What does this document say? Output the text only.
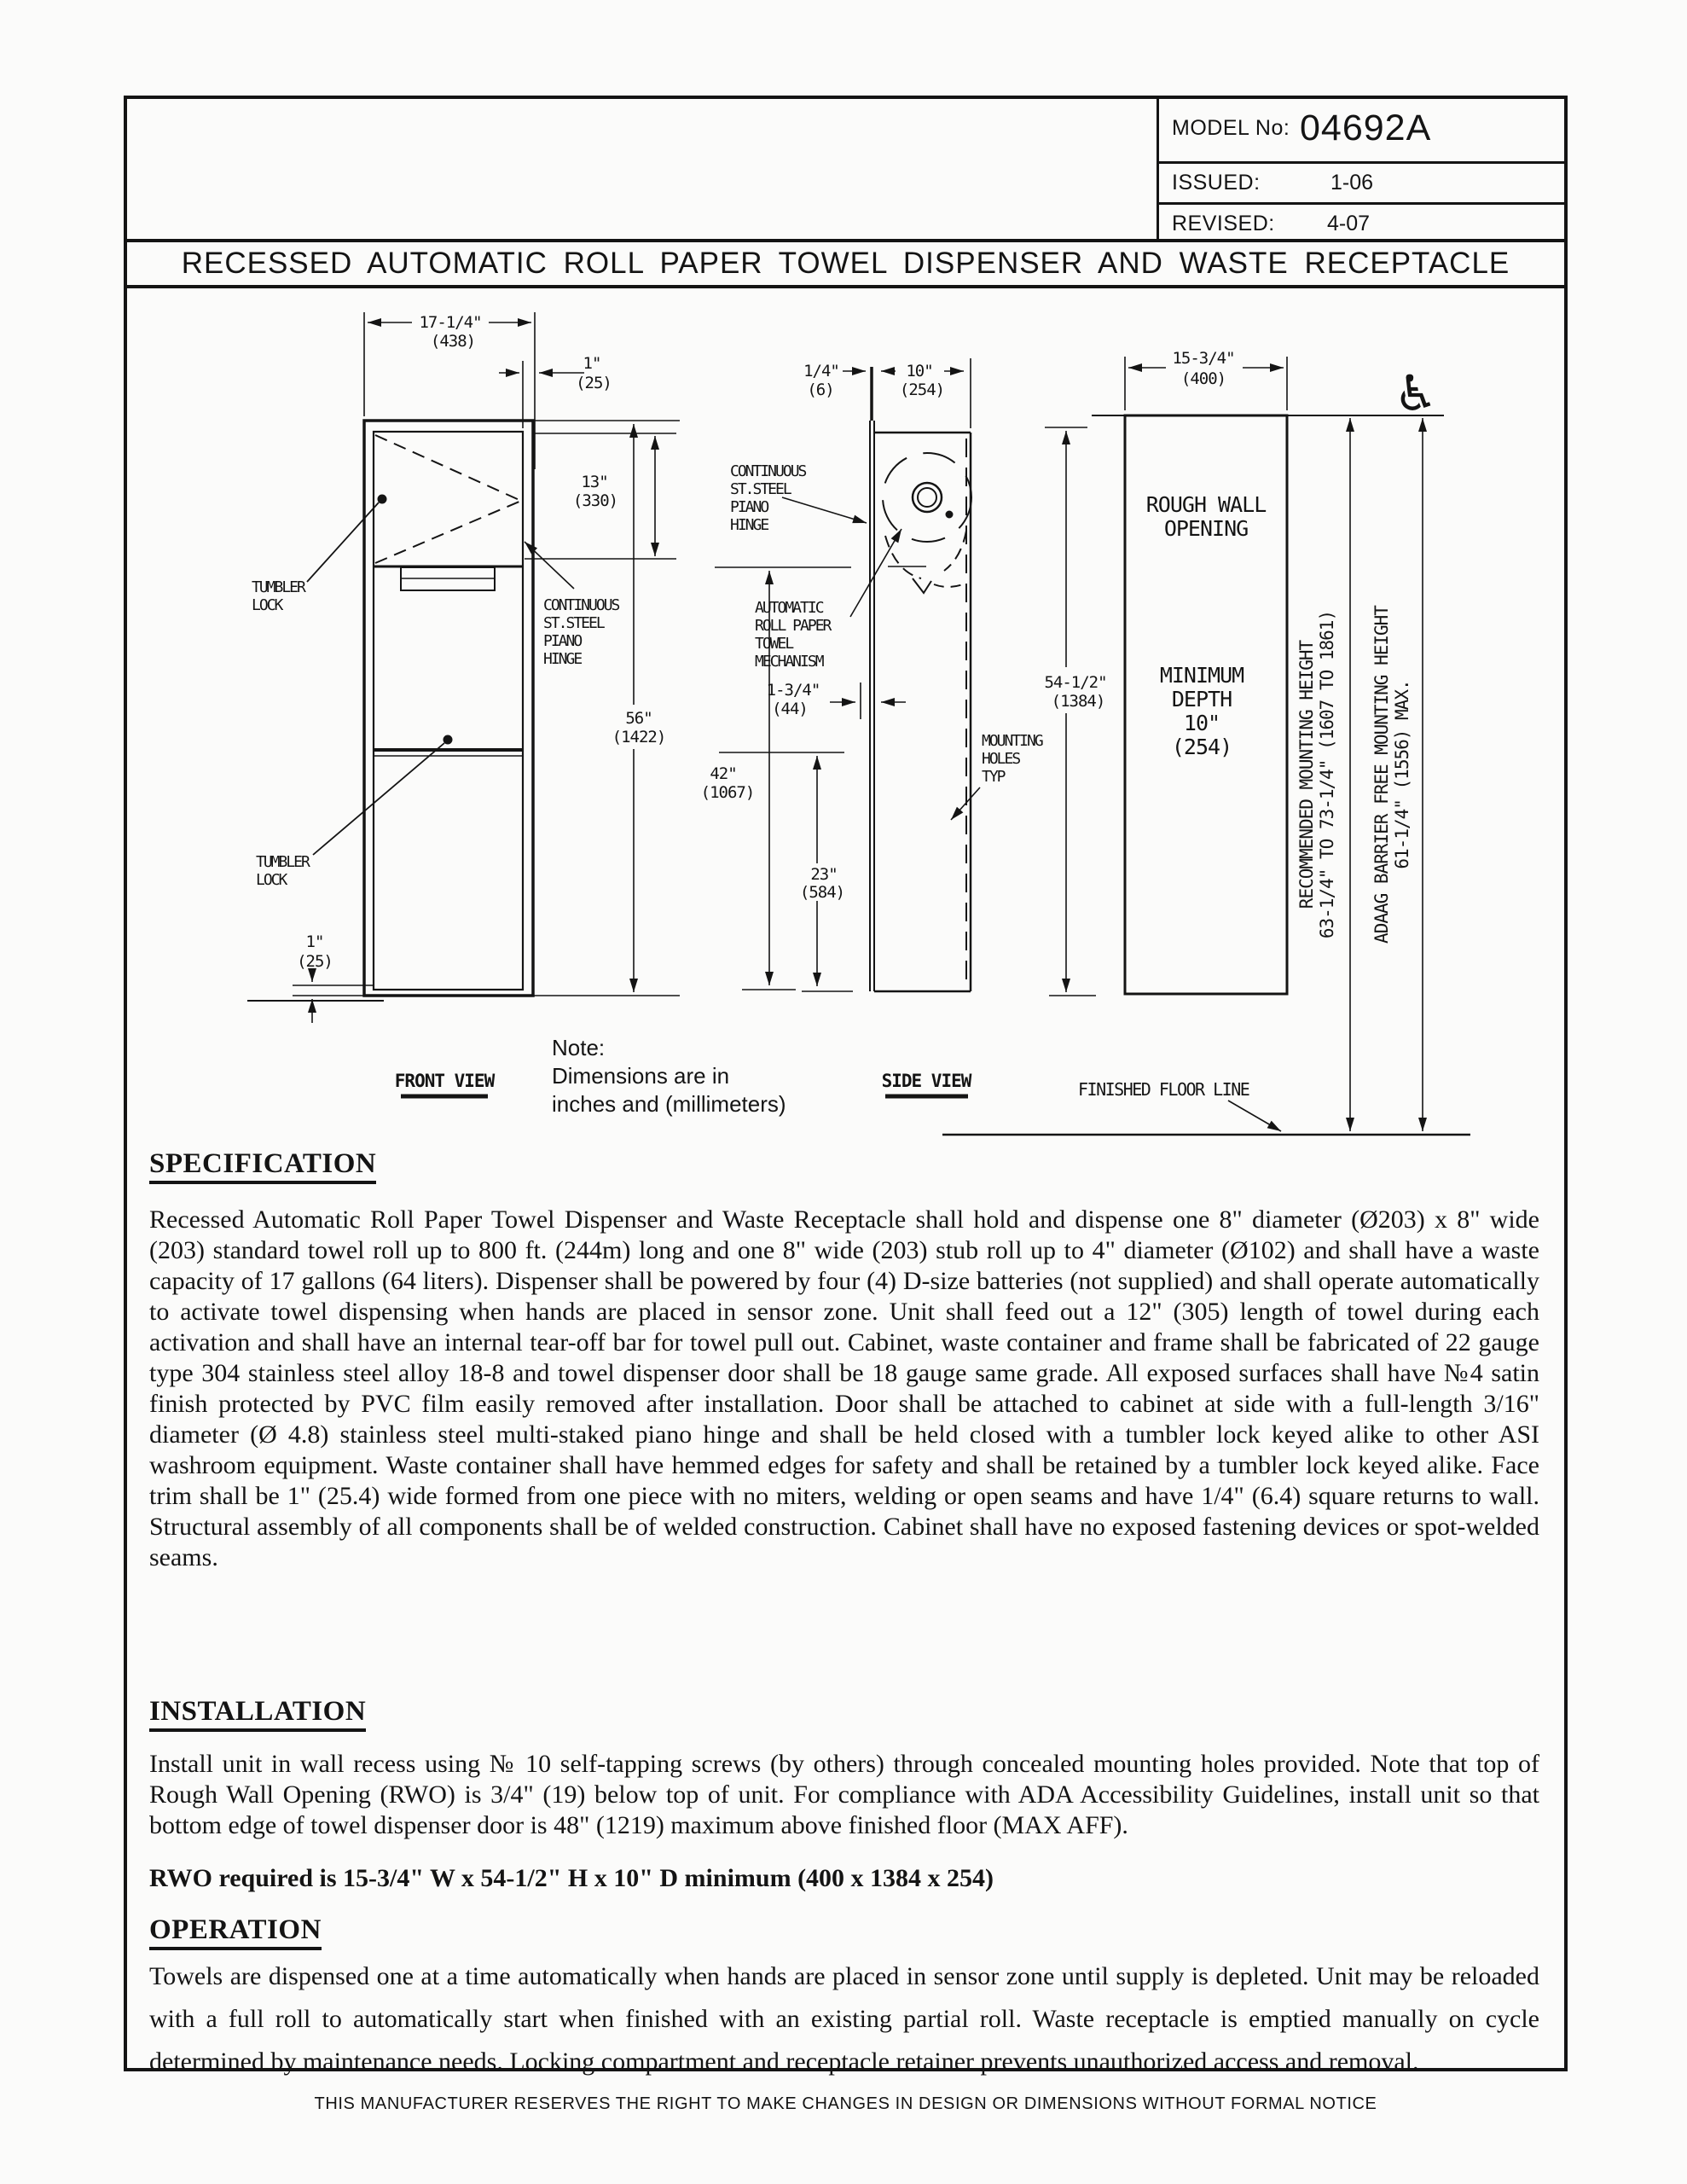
MODEL No: 04692A
ISSUED:	1-06
REVISED: 4-07
RECESSED AUTOMATIC ROLL PAPER TOWEL DISPENSER AND WASTE RECEPTACLE
17-1/4"
(438)
1"
(25)
13"
(330)
56"
(1422)
1"
(25)
TUMBLER
LOCK
TUMBLER
LOCK
CONTINUOUS
ST.STEEL
PIANO
HINGE
1/4"
(6)
10"
(254)
1-3/4"
(44)
42"
(1067)
23"
(584)
CONTINUOUS
ST.STEEL
PIANO
HINGE
AUTOMATIC
ROLL PAPER
TOWEL
MECHANISM
MOUNTING
HOLES
TYP
15-3/4"
(400)
ROUGH WALL
OPENING
MINIMUM
DEPTH
10"
(254)
54-1/2"
(1384)
♿
RECOMMENDED MOUNTING HEIGHT 63-1/4" TO 73-1/4" (1607 TO 1861) ADAAG BARRIER FREE MOUNTING HEIGHT 61-1/4" (1556) MAX.
FINISHED FLOOR LINE
FRONT VIEW	SIDE VIEW
Note:
Dimensions are in
inches and (millimeters)
SPECIFICATION
Recessed Automatic Roll Paper Towel Dispenser and Waste Receptacle shall hold and dispense one 8" diameter (Ø203) x 8" wide (203) standard towel roll up to 800 ft. (244m) long and one 8" wide (203) stub roll up to 4" diameter (Ø102) and shall have a waste capacity of 17 gallons (64 liters). Dispenser shall be powered by four (4) D-size batteries (not supplied) and shall operate automatically to activate towel dispensing when hands are placed in sensor zone. Unit shall feed out a 12" (305) length of towel during each activation and shall have an internal tear-off bar for towel pull out. Cabinet, waste container and frame shall be fabricated of 22 gauge type 304 stainless steel alloy 18-8 and towel dispenser door shall be 18 gauge same grade. All exposed surfaces shall have №4 satin finish protected by PVC film easily removed after installation. Door shall be attached to cabinet at side with a full-length 3/16" diameter (Ø 4.8) stainless steel multi-staked piano hinge and shall be held closed with a tumbler lock keyed alike to other ASI washroom equipment. Waste container shall have hemmed edges for safety and shall be retained by a tumbler lock keyed alike. Face trim shall be 1" (25.4) wide formed from one piece with no miters, welding or open seams and have 1/4" (6.4) square returns to wall. Structural assembly of all components shall be of welded construction. Cabinet shall have no exposed fastening devices or spot-welded seams.
INSTALLATION
Install unit in wall recess using № 10 self-tapping screws (by others) through concealed mounting holes provided. Note that top of Rough Wall Opening (RWO) is 3/4" (19) below top of unit. For compliance with ADA Accessibility Guidelines, install unit so that bottom edge of towel dispenser door is 48" (1219) maximum above finished floor (MAX AFF).
RWO required is 15-3/4" W x 54-1/2" H x 10" D minimum (400 x 1384 x 254)
OPERATION
Towels are dispensed one at a time automatically when hands are placed in sensor zone until supply is depleted. Unit may be reloaded with a full roll to automatically start when finished with an existing partial roll. Waste receptacle is emptied manually on cycle determined by maintenance needs. Locking compartment and receptacle retainer prevents unauthorized access and removal.
THIS MANUFACTURER RESERVES THE RIGHT TO MAKE CHANGES IN DESIGN OR DIMENSIONS WITHOUT FORMAL NOTICE
